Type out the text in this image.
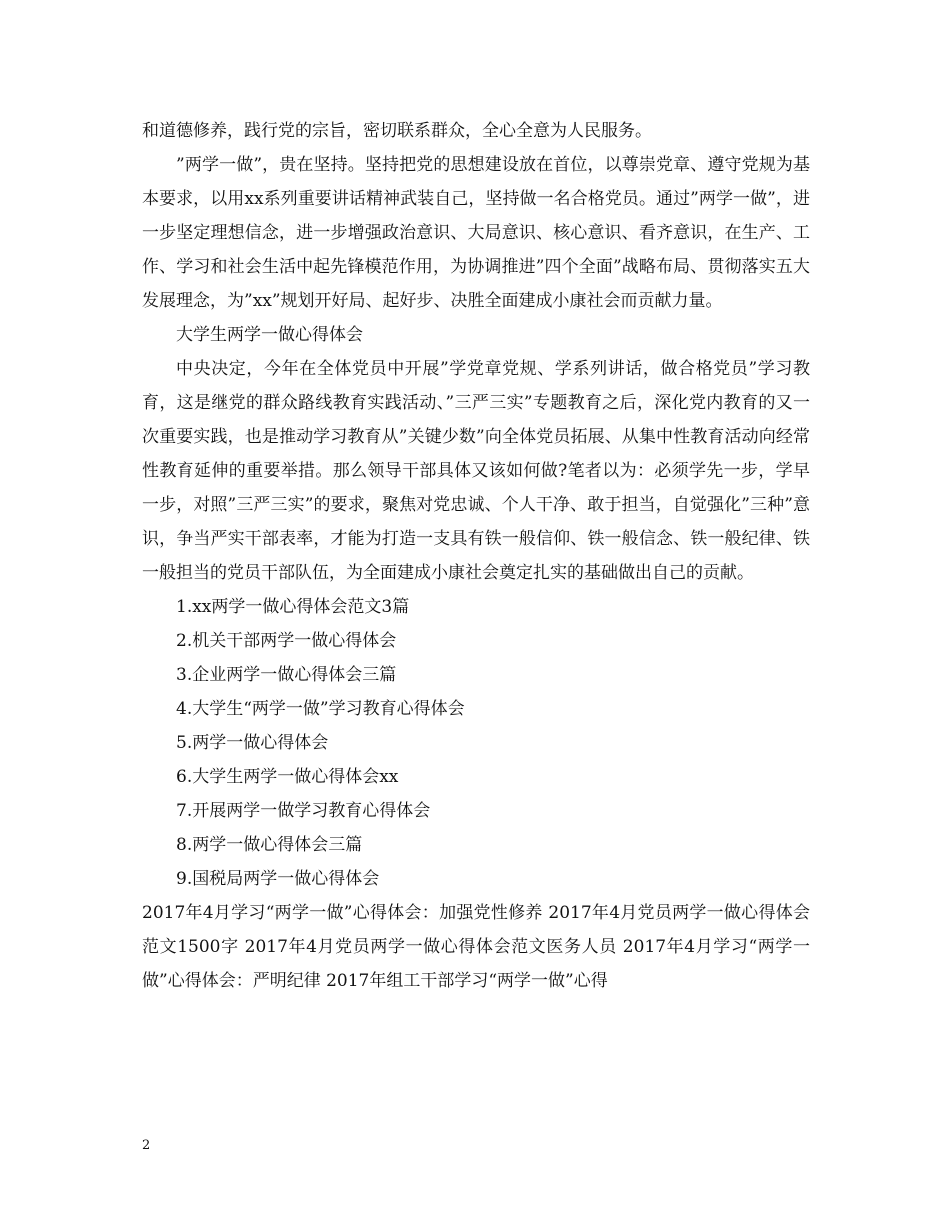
和道德修养，践行党的宗旨，密切联系群众，全心全意为人民服务。

”两学一做”，贵在坚持。坚持把党的思想建设放在首位，以尊崇党章、遵守党规为基本要求，以用xx系列重要讲话精神武装自己，坚持做一名合格党员。通过”两学一做”，进一步坚定理想信念，进一步增强政治意识、大局意识、核心意识、看齐意识，在生产、工作、学习和社会生活中起先锋模范作用，为协调推进”四个全面”战略布局、贯彻落实五大发展理念，为”xx”规划开好局、起好步、决胜全面建成小康社会而贡献力量。

大学生两学一做心得体会

中央决定，今年在全体党员中开展”学党章党规、学系列讲话，做合格党员”学习教育，这是继党的群众路线教育实践活动、”三严三实”专题教育之后，深化党内教育的又一次重要实践，也是推动学习教育从”关键少数”向全体党员拓展、从集中性教育活动向经常性教育延伸的重要举措。那么领导干部具体又该如何做?笔者以为：必须学先一步，学早一步，对照”三严三实”的要求，聚焦对党忠诚、个人干净、敢于担当，自觉强化”三种”意识，争当严实干部表率，才能为打造一支具有铁一般信仰、铁一般信念、铁一般纪律、铁一般担当的党员干部队伍，为全面建成小康社会奠定扎实的基础做出自己的贡献。

1.xx两学一做心得体会范文3篇

2.机关干部两学一做心得体会

3.企业两学一做心得体会三篇

4.大学生“两学一做”学习教育心得体会

5.两学一做心得体会

6.大学生两学一做心得体会xx

7.开展两学一做学习教育心得体会

8.两学一做心得体会三篇

9.国税局两学一做心得体会

2017年4月学习“两学一做”心得体会：加强党性修养 2017年4月党员两学一做心得体会范文1500字 2017年4月党员两学一做心得体会范文医务人员 2017年4月学习“两学一做”心得体会：严明纪律 2017年组工干部学习“两学一做”心得

2
